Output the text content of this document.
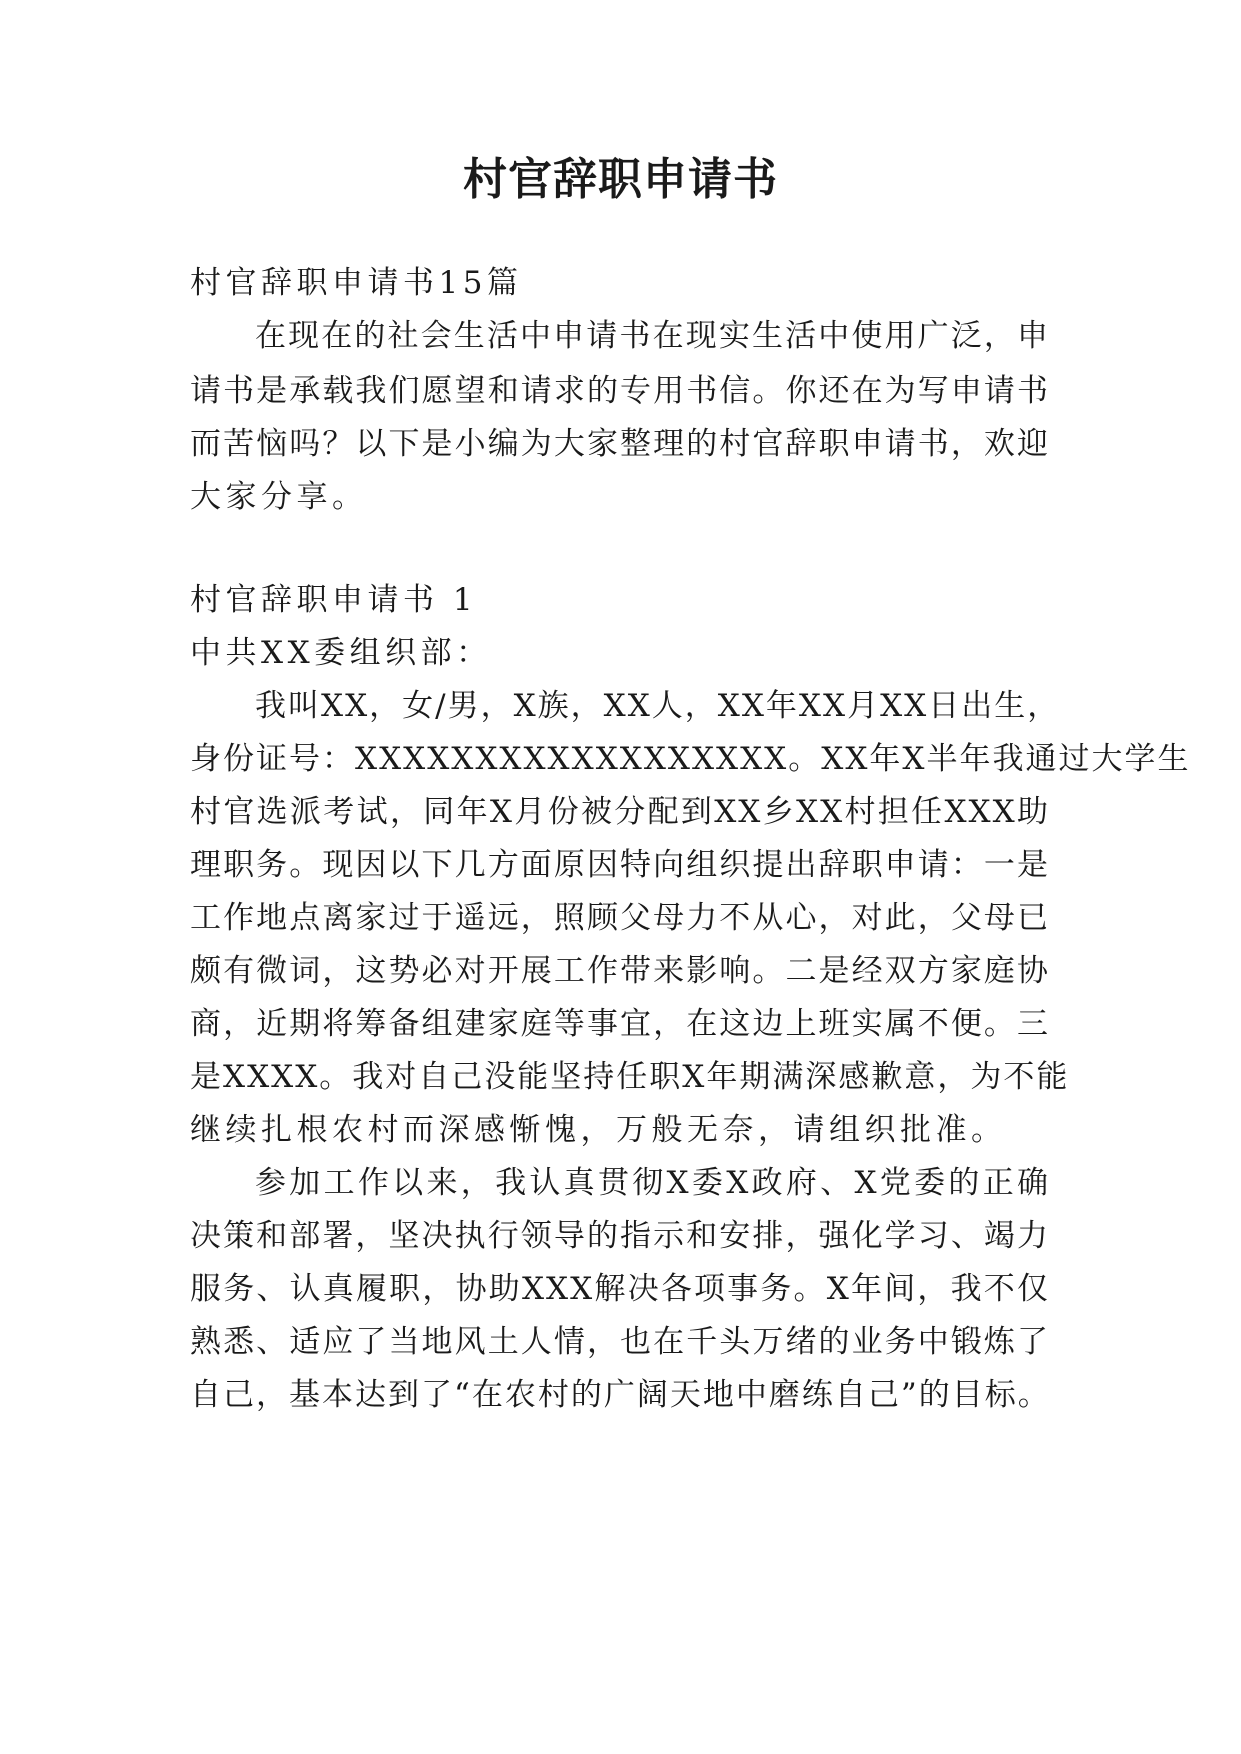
村官辞职申请书
村官辞职申请书15篇
在现在的社会生活中申请书在现实生活中使用广泛，申
请书是承载我们愿望和请求的专用书信。你还在为写申请书
而苦恼吗？以下是小编为大家整理的村官辞职申请书，欢迎
大家分享。
村官辞职申请书 1
中共XX委组织部：
我叫XX，女/男，X族，XX人，XX年XX月XX日出生，
身份证号：XXXXXXXXXXXXXXXXXX。XX年X半年我通过大学生
村官选派考试，同年X月份被分配到XX乡XX村担任XXX助
理职务。现因以下几方面原因特向组织提出辞职申请：一是
工作地点离家过于遥远，照顾父母力不从心，对此，父母已
颇有微词，这势必对开展工作带来影响。二是经双方家庭协
商，近期将筹备组建家庭等事宜，在这边上班实属不便。三
是XXXX。我对自己没能坚持任职X年期满深感歉意，为不能
继续扎根农村而深感惭愧，万般无奈，请组织批准。
参加工作以来，我认真贯彻X委X政府、X党委的正确
决策和部署，坚决执行领导的指示和安排，强化学习、竭力
服务、认真履职，协助XXX解决各项事务。X年间，我不仅
熟悉、适应了当地风土人情，也在千头万绪的业务中锻炼了
自己，基本达到了“在农村的广阔天地中磨练自己”的目标。
